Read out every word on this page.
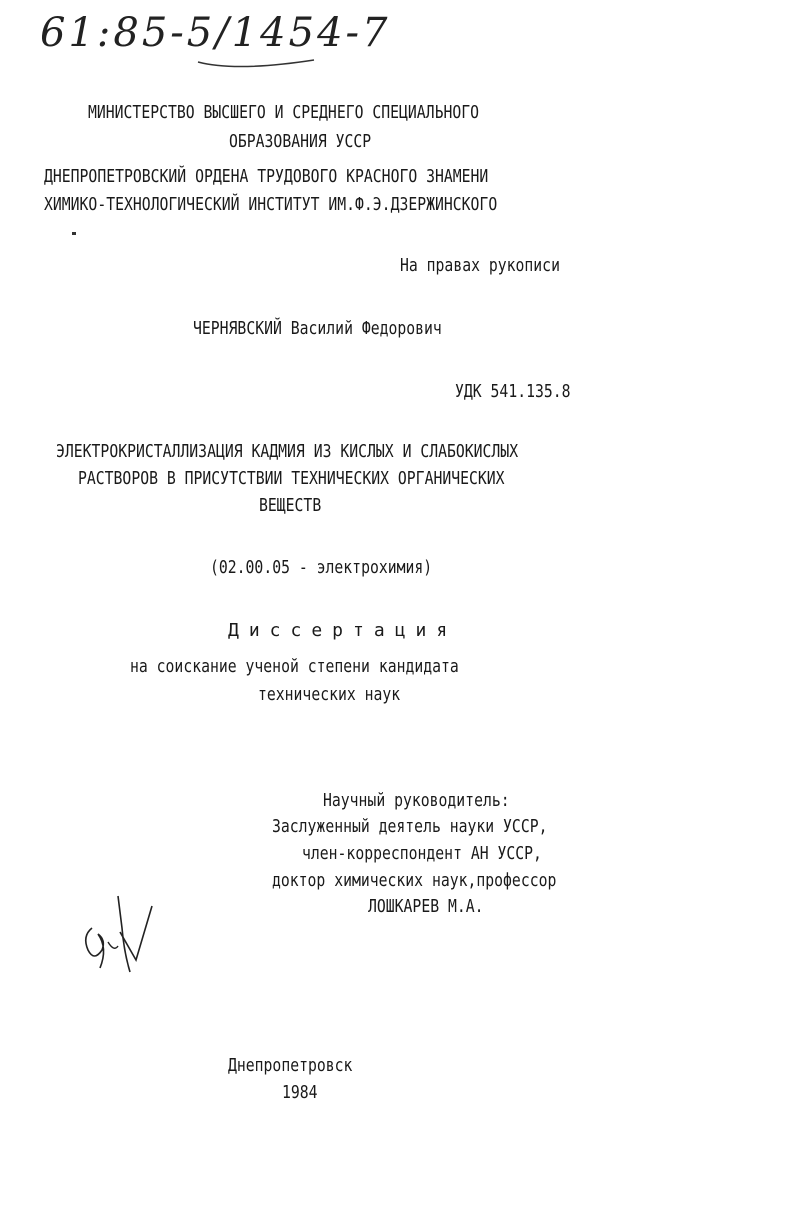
61:85-5/1454-7
МИНИСТЕРСТВО ВЫСШЕГО И СРЕДНЕГО СПЕЦИАЛЬНОГО
ОБРАЗОВАНИЯ УССР
ДНЕПРОПЕТРОВСКИЙ ОРДЕНА ТРУДОВОГО КРАСНОГО ЗНАМЕНИ
ХИМИКО-ТЕХНОЛОГИЧЕСКИЙ ИНСТИТУТ ИМ.Ф.Э.ДЗЕРЖИНСКОГО
На правах рукописи
ЧЕРНЯВСКИЙ Василий Федорович
УДК 541.135.8
ЭЛЕКТРОКРИСТАЛЛИЗАЦИЯ КАДМИЯ ИЗ КИСЛЫХ И СЛАБОКИСЛЫХ
РАСТВОРОВ В ПРИСУТСТВИИ ТЕХНИЧЕСКИХ ОРГАНИЧЕСКИХ
ВЕЩЕСТВ
(02.00.05 - электрохимия)
Диссертация
на соискание ученой степени кандидата
технических наук
Научный руководитель:
Заслуженный деятель науки УССР,
член-корреспондент АН УССР,
доктор химических наук,профессор
ЛОШКАРЕВ М.А.
Днепропетровск
1984
